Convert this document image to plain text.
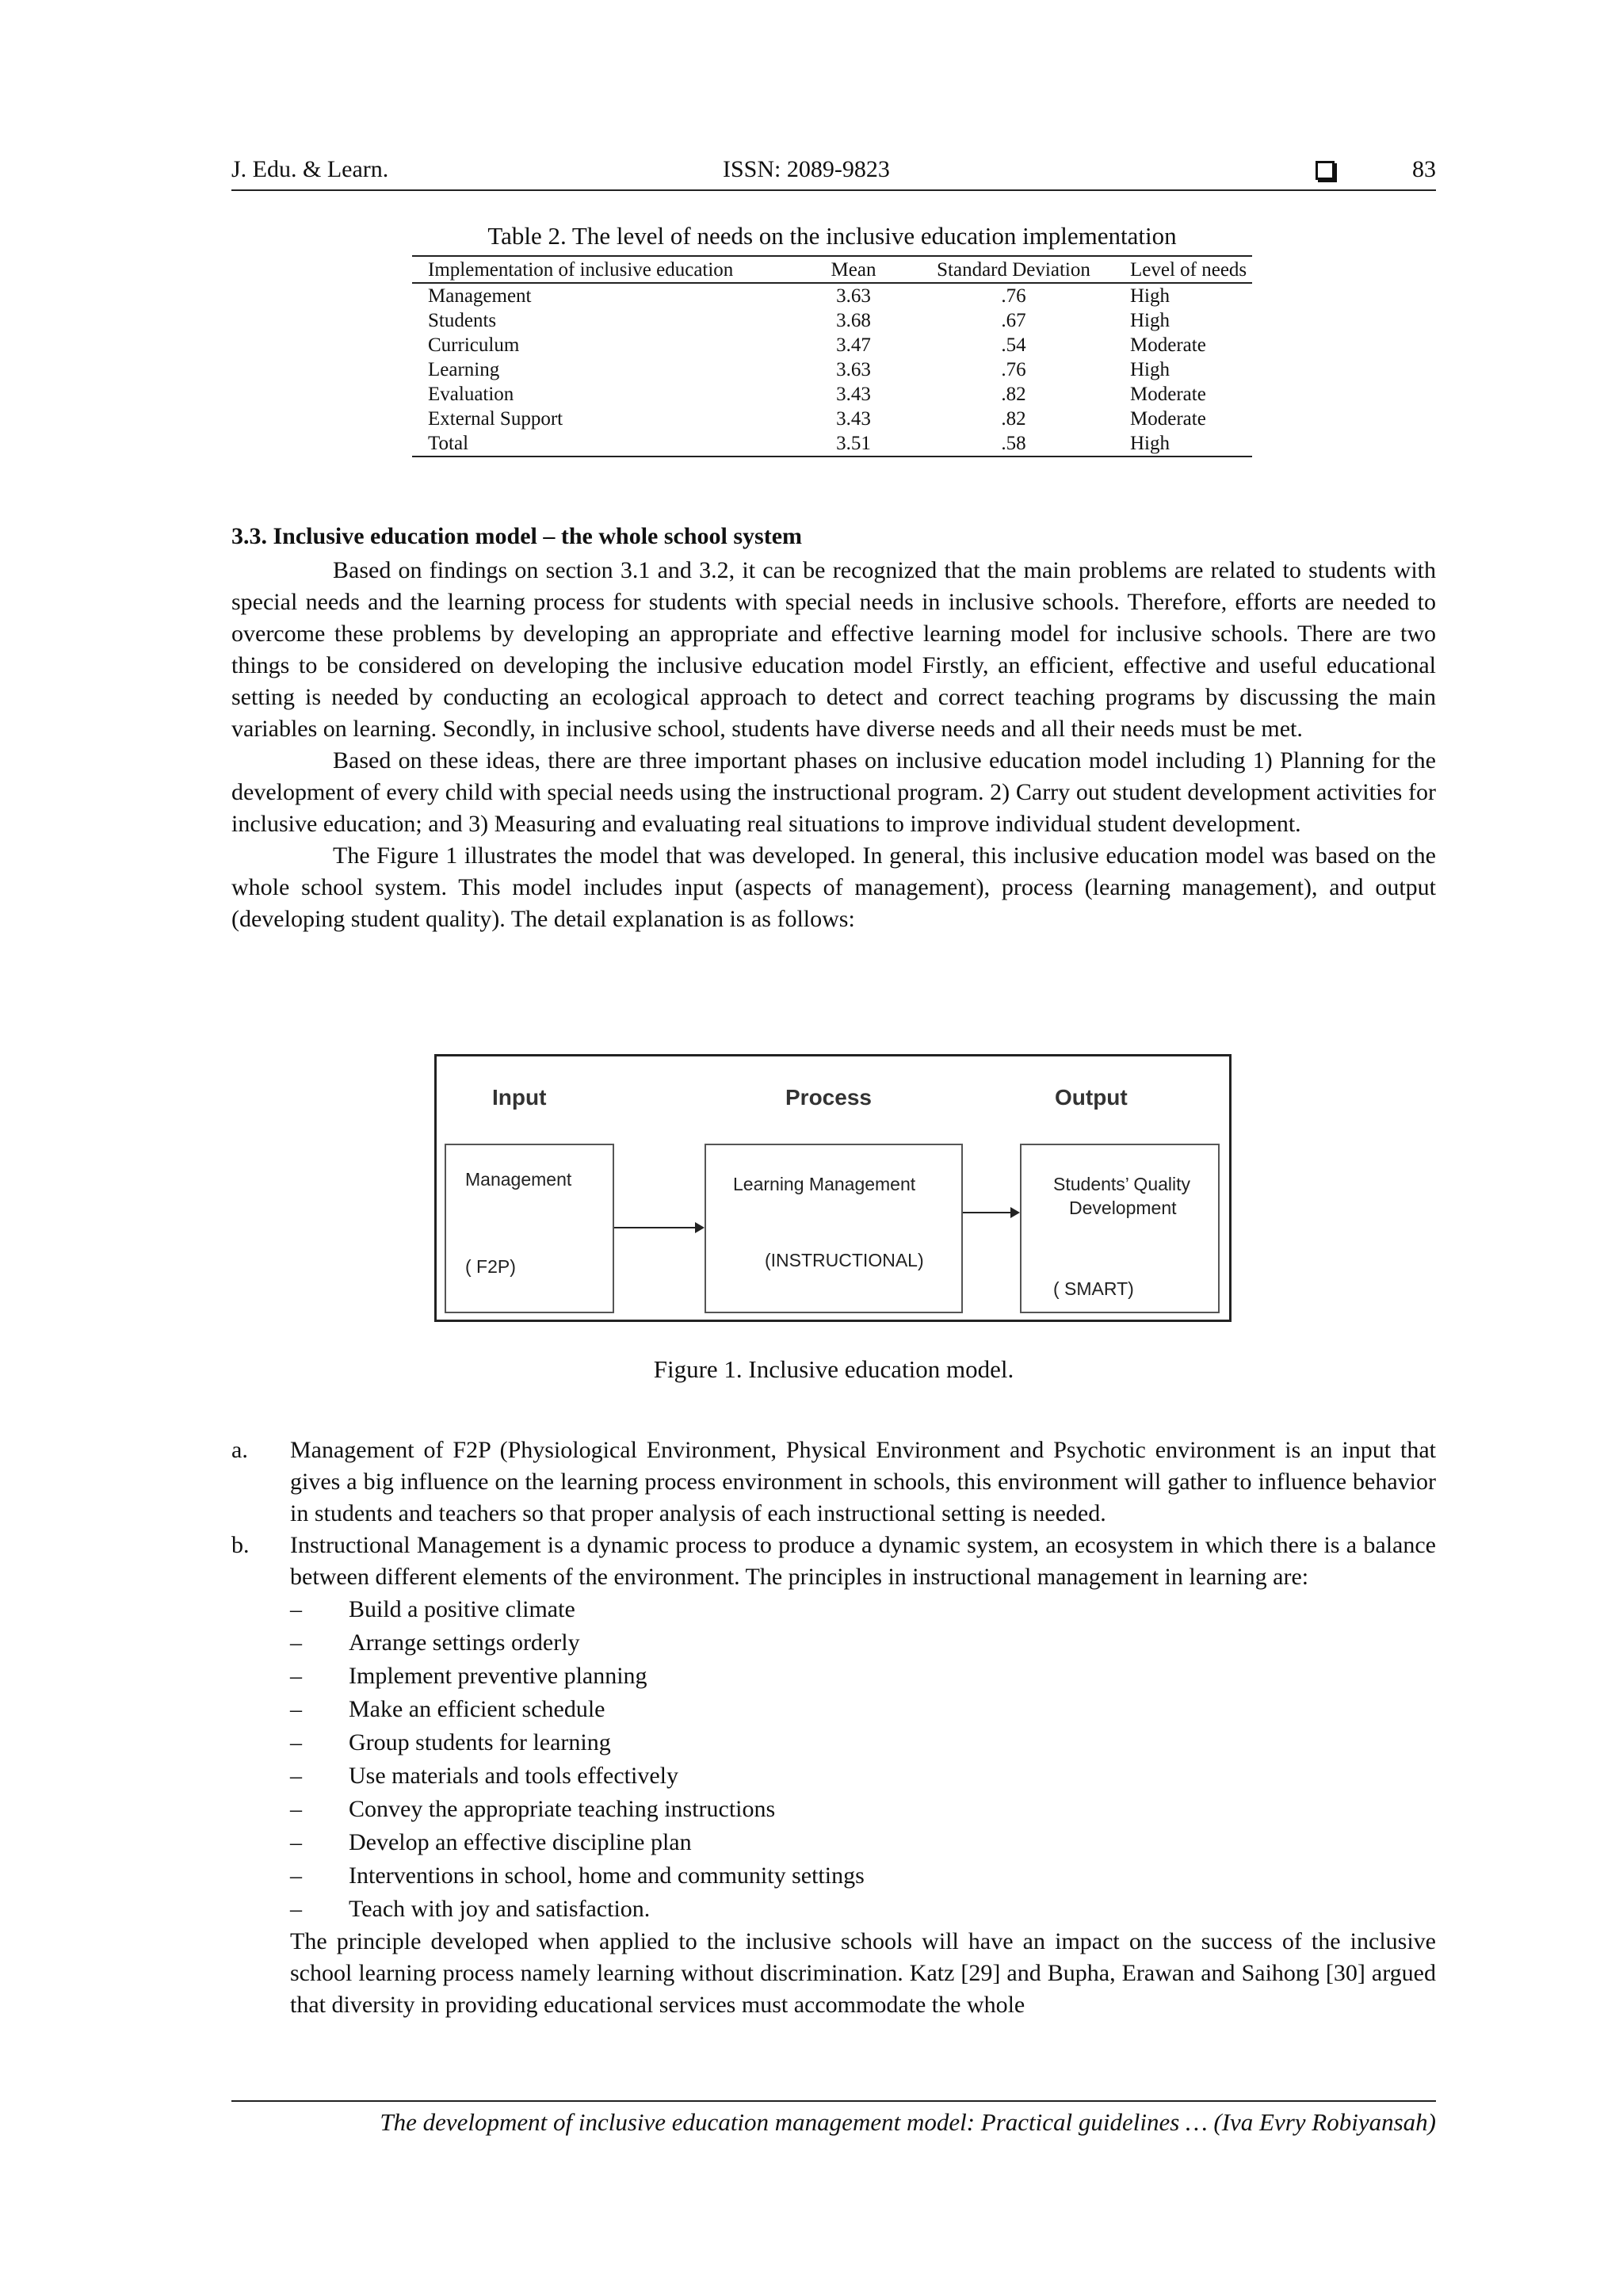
J. Edu. & Learn.	ISSN: 2089-9823	83
Table 2. The level of needs on the inclusive education implementation
Implementation of inclusive education	Mean	Standard Deviation	Level of needs
Management	3.63	.76	High
Students	3.68	.67	High
Curriculum	3.47	.54	Moderate
Learning	3.63	.76	High
Evaluation	3.43	.82	Moderate
External Support	3.43	.82	Moderate
Total	3.51	.58	High
3.3. Inclusive education model – the whole school system

Based on findings on section 3.1 and 3.2, it can be recognized that the main problems are related to students with special needs and the learning process for students with special needs in inclusive schools. Therefore, efforts are needed to overcome these problems by developing an appropriate and effective learning model for inclusive schools. There are two things to be considered on developing the inclusive education model Firstly, an efficient, effective and useful educational setting is needed by conducting an ecological approach to detect and correct teaching programs by discussing the main variables on learning. Secondly, in inclusive school, students have diverse needs and all their needs must be met.

Based on these ideas, there are three important phases on inclusive education model including 1) Planning for the development of every child with special needs using the instructional program. 2) Carry out student development activities for inclusive education; and 3) Measuring and evaluating real situations to improve individual student development.

The Figure 1 illustrates the model that was developed. In general, this inclusive education model was based on the whole school system. This model includes input (aspects of management), process (learning management), and output (developing student quality). The detail explanation is as follows:

Input	Process	Output
Management
( F2P)
Learning Management
(INSTRUCTIONAL)
Students’ Quality
Development
( SMART)
Figure 1. Inclusive education model.
a. Management of F2P (Physiological Environment, Physical Environment and Psychotic environment is an input that gives a big influence on the learning process environment in schools, this environment will gather to influence behavior in students and teachers so that proper analysis of each instructional setting is needed.
b. Instructional Management is a dynamic process to produce a dynamic system, an ecosystem in which there is a balance between different elements of the environment. The principles in instructional management in learning are:
– Build a positive climate
– Arrange settings orderly
– Implement preventive planning
– Make an efficient schedule
– Group students for learning
– Use materials and tools effectively
– Convey the appropriate teaching instructions
– Develop an effective discipline plan
– Interventions in school, home and community settings
– Teach with joy and satisfaction.
The principle developed when applied to the inclusive schools will have an impact on the success of the inclusive school learning process namely learning without discrimination. Katz [29] and Bupha, Erawan and Saihong [30] argued that diversity in providing educational services must accommodate the whole
The development of inclusive education management model: Practical guidelines … (Iva Evry Robiyansah)
